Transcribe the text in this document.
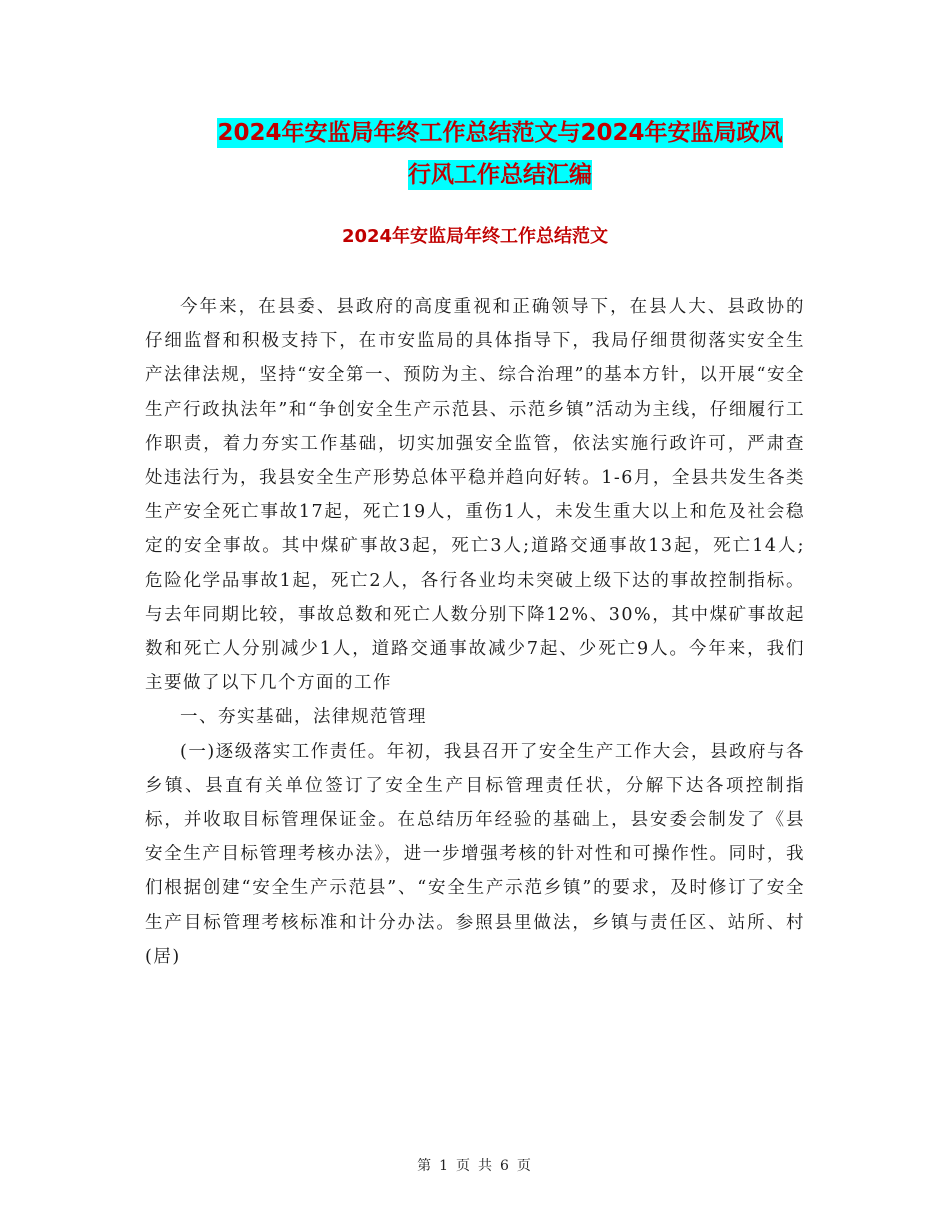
2024年安监局年终工作总结范文与2024年安监局政风
行风工作总结汇编
2024年安监局年终工作总结范文

今年来，在县委、县政府的高度重视和正确领导下，在县人大、县政协的仔细监督和积极支持下，在市安监局的具体指导下，我局仔细贯彻落实安全生产法律法规，坚持“安全第一、预防为主、综合治理”的基本方针，以开展“安全生产行政执法年”和“争创安全生产示范县、示范乡镇”活动为主线，仔细履行工作职责，着力夯实工作基础，切实加强安全监管，依法实施行政许可，严肃查处违法行为，我县安全生产形势总体平稳并趋向好转。1-6月，全县共发生各类生产安全死亡事故17起，死亡19人，重伤1人，未发生重大以上和危及社会稳定的安全事故。其中煤矿事故3起，死亡3人;道路交通事故13起，死亡14人;危险化学品事故1起，死亡2人，各行各业均未突破上级下达的事故控制指标。与去年同期比较，事故总数和死亡人数分别下降12%、30%，其中煤矿事故起数和死亡人分别减少1人，道路交通事故减少7起、少死亡9人。今年来，我们主要做了以下几个方面的工作

一、夯实基础，法律规范管理

(一)逐级落实工作责任。年初，我县召开了安全生产工作大会，县政府与各乡镇、县直有关单位签订了安全生产目标管理责任状，分解下达各项控制指标，并收取目标管理保证金。在总结历年经验的基础上，县安委会制发了《县安全生产目标管理考核办法》，进一步增强考核的针对性和可操作性。同时，我们根据创建“安全生产示范县”、“安全生产示范乡镇”的要求，及时修订了安全生产目标管理考核标准和计分办法。参照县里做法，乡镇与责任区、站所、村(居)

第 1 页 共 6 页
